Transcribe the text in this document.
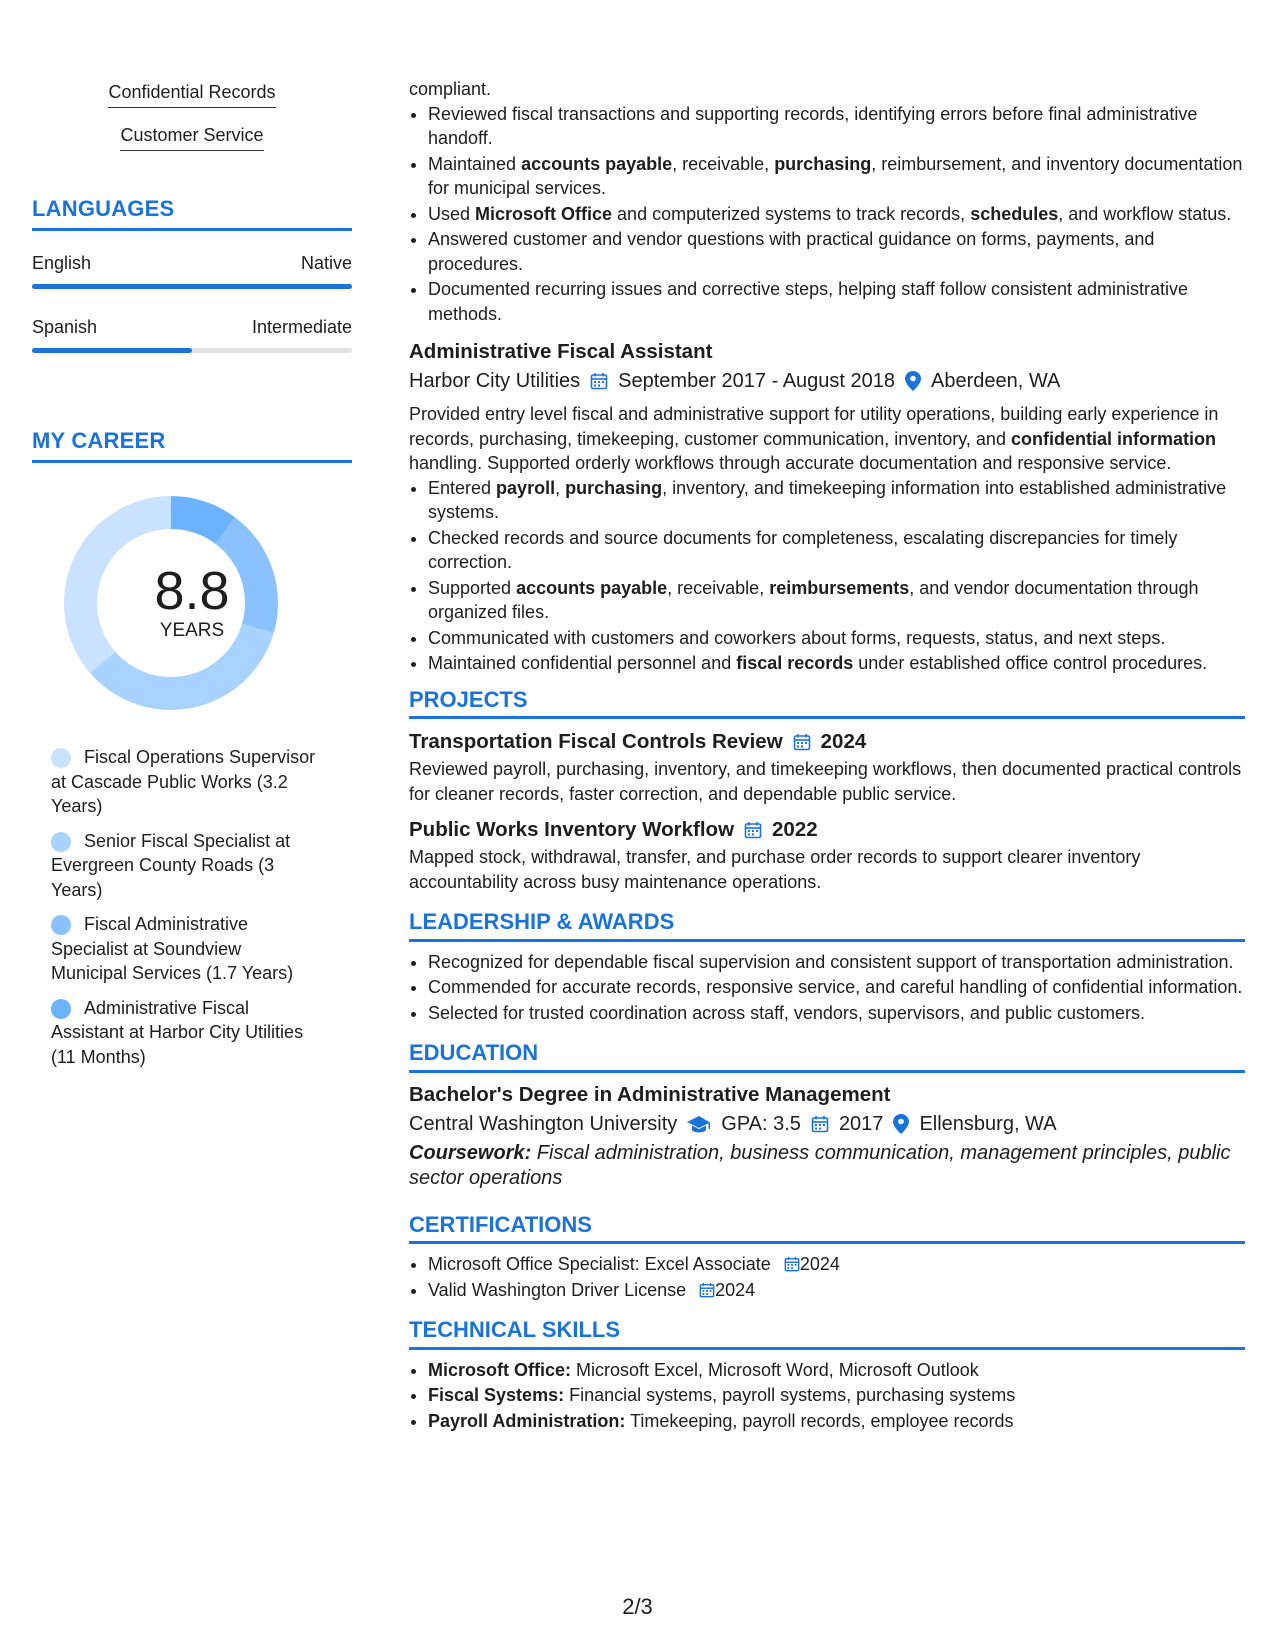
Confidential Records
Customer Service
LANGUAGES
English	Native
Spanish	Intermediate
MY CAREER
8.8
YEARS
Fiscal Operations Supervisor
at Cascade Public Works (3.2
Years)
Senior Fiscal Specialist at
Evergreen County Roads (3
Years)
Fiscal Administrative
Specialist at Soundview
Municipal Services (1.7 Years)
Administrative Fiscal
Assistant at Harbor City Utilities
(11 Months)
compliant.
• Reviewed fiscal transactions and supporting records, identifying errors before final administrative handoff.
• Maintained accounts payable, receivable, purchasing, reimbursement, and inventory documentation for municipal services.
• Used Microsoft Office and computerized systems to track records, schedules, and workflow status.
• Answered customer and vendor questions with practical guidance on forms, payments, and procedures.
• Documented recurring issues and corrective steps, helping staff follow consistent administrative methods.
Administrative Fiscal Assistant
Harbor City Utilities September 2017 - August 2018 Aberdeen, WA
Provided entry level fiscal and administrative support for utility operations, building early experience in records, purchasing, timekeeping, customer communication, inventory, and confidential information handling. Supported orderly workflows through accurate documentation and responsive service.
• Entered payroll, purchasing, inventory, and timekeeping information into established administrative systems.
• Checked records and source documents for completeness, escalating discrepancies for timely correction.
• Supported accounts payable, receivable, reimbursements, and vendor documentation through organized files.
• Communicated with customers and coworkers about forms, requests, status, and next steps.
• Maintained confidential personnel and fiscal records under established office control procedures.
PROJECTS
Transportation Fiscal Controls Review 2024
Reviewed payroll, purchasing, inventory, and timekeeping workflows, then documented practical controls for cleaner records, faster correction, and dependable public service.
Public Works Inventory Workflow 2022
Mapped stock, withdrawal, transfer, and purchase order records to support clearer inventory accountability across busy maintenance operations.
LEADERSHIP & AWARDS
• Recognized for dependable fiscal supervision and consistent support of transportation administration.
• Commended for accurate records, responsive service, and careful handling of confidential information.
• Selected for trusted coordination across staff, vendors, supervisors, and public customers.
EDUCATION
Bachelor's Degree in Administrative Management
Central Washington University GPA: 3.5 2017 Ellensburg, WA
Coursework: Fiscal administration, business communication, management principles, public sector operations
CERTIFICATIONS
• Microsoft Office Specialist: Excel Associate 2024
• Valid Washington Driver License 2024
TECHNICAL SKILLS
• Microsoft Office: Microsoft Excel, Microsoft Word, Microsoft Outlook
• Fiscal Systems: Financial systems, payroll systems, purchasing systems
• Payroll Administration: Timekeeping, payroll records, employee records
2/3
